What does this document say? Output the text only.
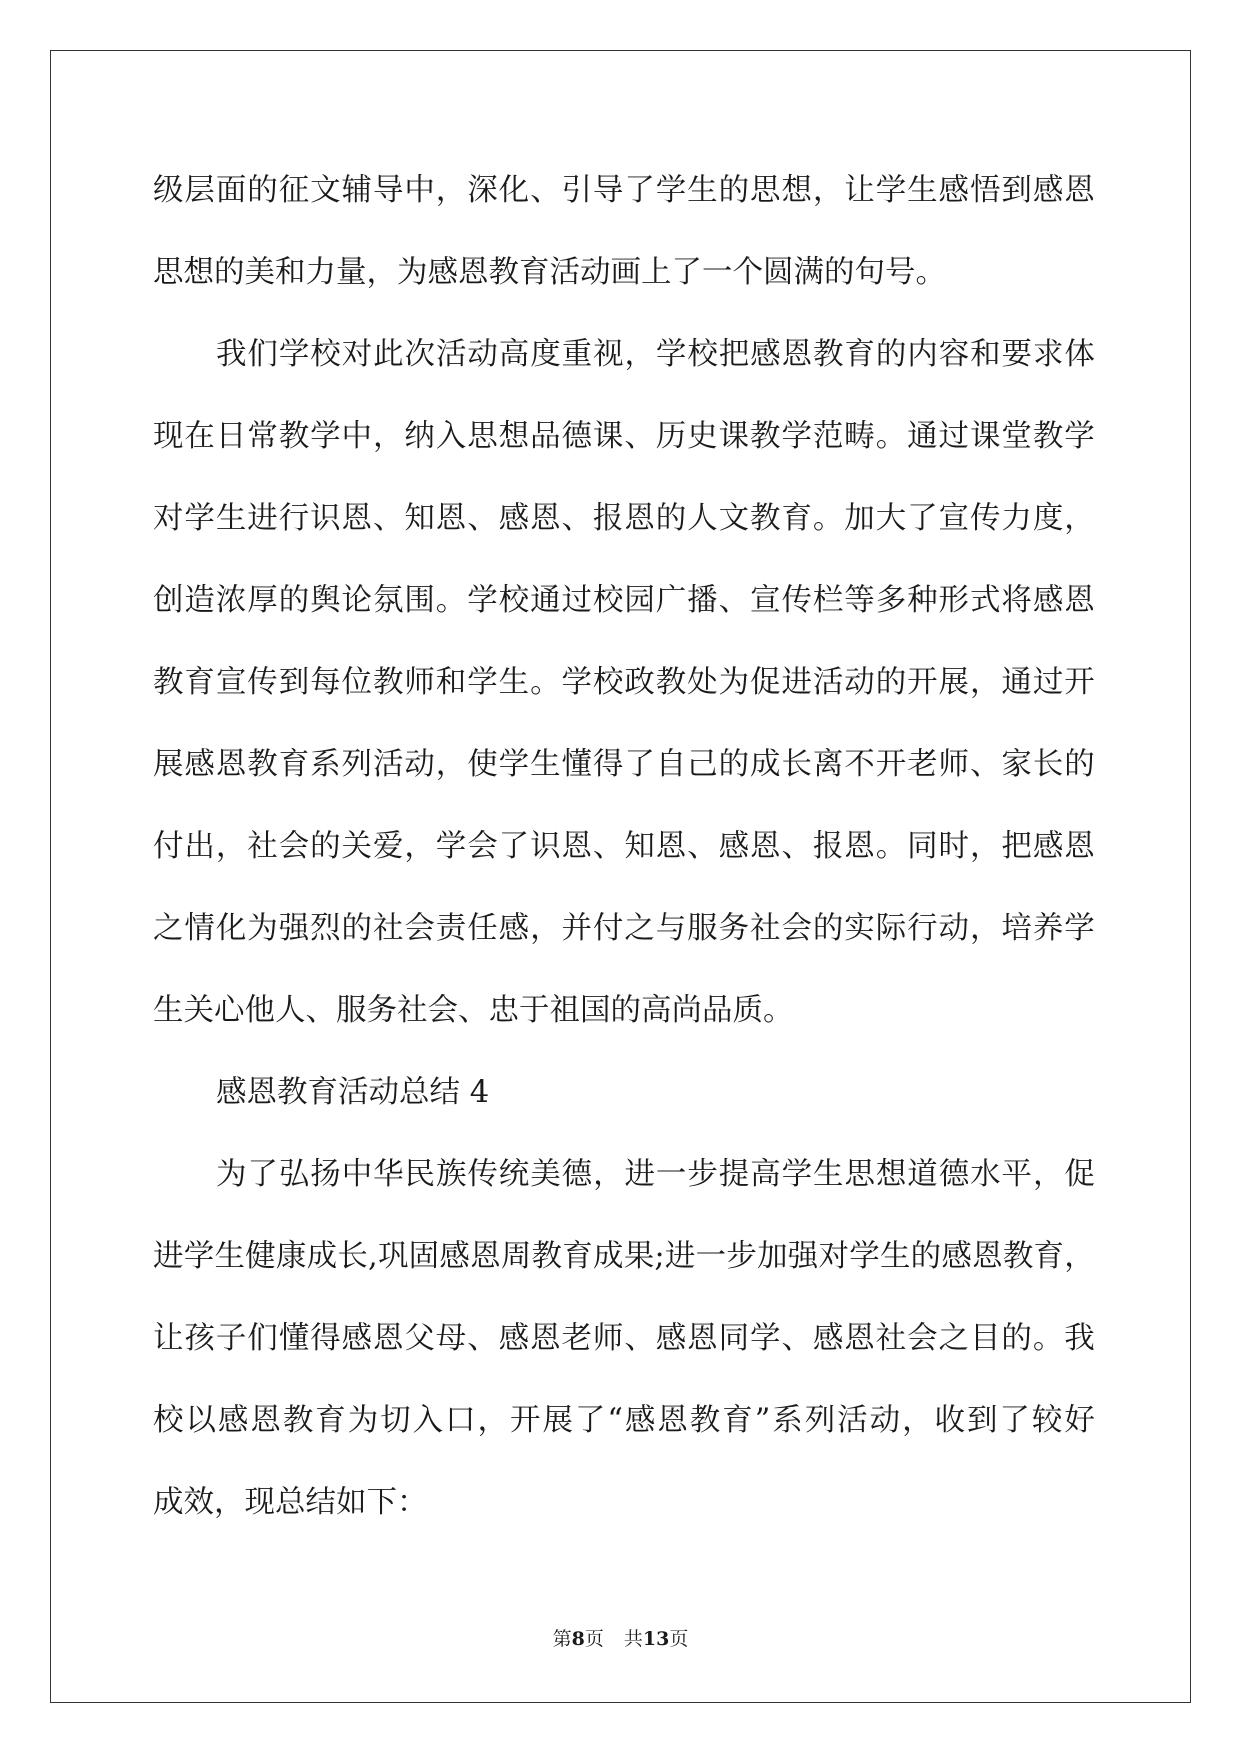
级 层 面 的 征 文 辅 导 中 ， 深 化 、 引 导 了 学 生 的 思 想 ， 让 学 生 感 悟 到 感 恩
思想的美和力量，为感恩教育活动画上了一个圆满的句号。
我 们 学 校 对 此 次 活 动 高 度 重 视 ， 学 校 把 感 恩 教 育 的 内 容 和 要 求 体
现 在 日 常 教 学 中 ， 纳 入 思 想 品 德 课 、 历 史 课 教 学 范 畴 。 通 过 课 堂 教 学
对 学 生 进 行 识 恩 、 知 恩 、 感 恩 、 报 恩 的 人 文 教 育 。 加 大 了 宣 传 力 度 ，
创 造 浓 厚 的 舆 论 氛 围 。 学 校 通 过 校 园 广 播 、 宣 传 栏 等 多 种 形 式 将 感 恩
教 育 宣 传 到 每 位 教 师 和 学 生 。 学 校 政 教 处 为 促 进 活 动 的 开 展 ， 通 过 开
展 感 恩 教 育 系 列 活 动 ， 使 学 生 懂 得 了 自 己 的 成 长 离 不 开 老 师 、 家 长 的
付 出 ， 社 会 的 关 爱 ， 学 会 了 识 恩 、 知 恩 、 感 恩 、 报 恩 。 同 时 ， 把 感 恩
之 情 化 为 强 烈 的 社 会 责 任 感 ， 并 付 之 与 服 务 社 会 的 实 际 行 动 ， 培 养 学
生关心他人、服务社会、忠于祖国的高尚品质。
感恩教育活动总结 4
为 了 弘 扬 中 华 民 族 传 统 美 德 ， 进 一 步 提 高 学 生 思 想 道 德 水 平 ， 促
进 学 生 健 康 成 长 , 巩 固 感 恩 周 教 育 成 果 ; 进 一 步 加 强 对 学 生 的 感 恩 教 育 ，
让 孩 子 们 懂 得 感 恩 父 母 、 感 恩 老 师 、 感 恩 同 学 、 感 恩 社 会 之 目 的 。 我
校 以 感 恩 教 育 为 切 入 口 ， 开 展 了 “ 感 恩 教 育 ” 系 列 活 动 ， 收 到 了 较 好
成效，现总结如下：
第8页 共13页
